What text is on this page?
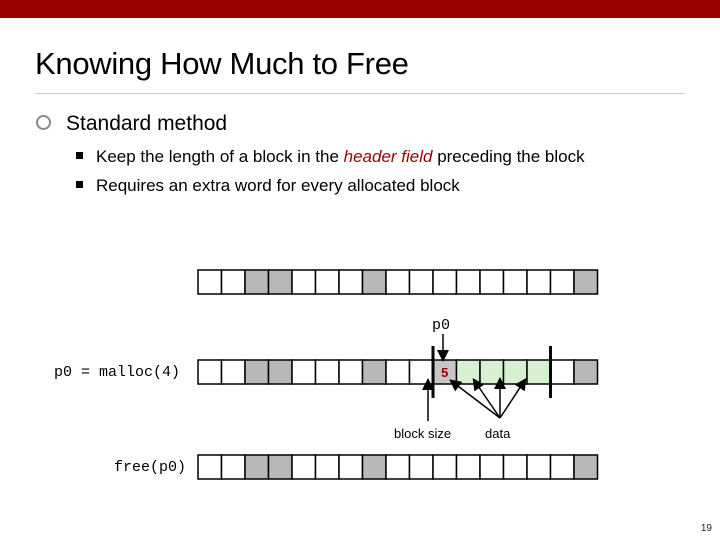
Knowing How Much to Free
Standard method
Keep the length of a block in the header field preceding the block
Requires an extra word for every allocated block
5
p0
p0 = malloc(4)
free(p0)
block size	data
19
